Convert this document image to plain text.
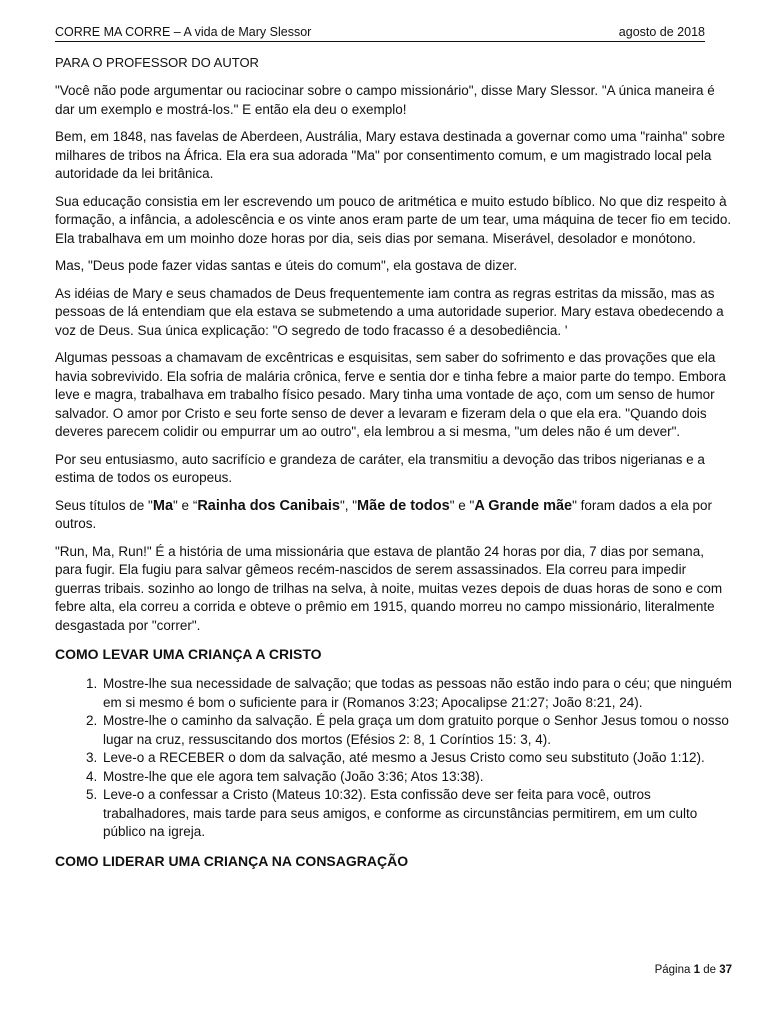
CORRE MA CORRE – A vida de Mary Slessor	agosto de 2018
PARA O PROFESSOR DO AUTOR

"Você não pode argumentar ou raciocinar sobre o campo missionário", disse Mary Slessor. "A única maneira é dar um exemplo e mostrá-los." E então ela deu o exemplo!

Bem, em 1848, nas favelas de Aberdeen, Austrália, Mary estava destinada a governar como uma "rainha" sobre milhares de tribos na África. Ela era sua adorada "Ma" por consentimento comum, e um magistrado local pela autoridade da lei britânica.

Sua educação consistia em ler escrevendo um pouco de aritmética e muito estudo bíblico. No que diz respeito à formação, a infância, a adolescência e os vinte anos eram parte de um tear, uma máquina de tecer fio em tecido. Ela trabalhava em um moinho doze horas por dia, seis dias por semana. Miserável, desolador e monótono.

Mas, "Deus pode fazer vidas santas e úteis do comum", ela gostava de dizer.

As idéias de Mary e seus chamados de Deus frequentemente iam contra as regras estritas da missão, mas as pessoas de lá entendiam que ela estava se submetendo a uma autoridade superior. Mary estava obedecendo a voz de Deus. Sua única explicação: "O segredo de todo fracasso é a desobediência. '

Algumas pessoas a chamavam de excêntricas e esquisitas, sem saber do sofrimento e das provações que ela havia sobrevivido. Ela sofria de malária crônica, ferve e sentia dor e tinha febre a maior parte do tempo. Embora leve e magra, trabalhava em trabalho físico pesado. Mary tinha uma vontade de aço, com um senso de humor salvador. O amor por Cristo e seu forte senso de dever a levaram e fizeram dela o que ela era. "Quando dois deveres parecem colidir ou empurrar um ao outro", ela lembrou a si mesma, "um deles não é um dever".

Por seu entusiasmo, auto sacrifício e grandeza de caráter, ela transmitiu a devoção das tribos nigerianas e a estima de todos os europeus.

Seus títulos de "Ma" e “Rainha dos Canibais", "Mãe de todos" e "A Grande mãe" foram dados a ela por outros.

"Run, Ma, Run!" É a história de uma missionária que estava de plantão 24 horas por dia, 7 dias por semana, para fugir. Ela fugiu para salvar gêmeos recém-nascidos de serem assassinados. Ela correu para impedir guerras tribais. sozinho ao longo de trilhas na selva, à noite, muitas vezes depois de duas horas de sono e com febre alta, ela correu a corrida e obteve o prêmio em 1915, quando morreu no campo missionário, literalmente desgastada por "correr".

COMO LEVAR UMA CRIANÇA A CRISTO
1. Mostre-lhe sua necessidade de salvação; que todas as pessoas não estão indo para o céu; que ninguém em si mesmo é bom o suficiente para ir (Romanos 3:23; Apocalipse 21:27; João 8:21, 24).
2. Mostre-lhe o caminho da salvação. É pela graça um dom gratuito porque o Senhor Jesus tomou o nosso lugar na cruz, ressuscitando dos mortos (Efésios 2: 8, 1 Coríntios 15: 3, 4).
3. Leve-o a RECEBER o dom da salvação, até mesmo a Jesus Cristo como seu substituto (João 1:12).
4. Mostre-lhe que ele agora tem salvação (João 3:36; Atos 13:38).
5. Leve-o a confessar a Cristo (Mateus 10:32). Esta confissão deve ser feita para você, outros trabalhadores, mais tarde para seus amigos, e conforme as circunstâncias permitirem, em um culto público na igreja.
COMO LIDERAR UMA CRIANÇA NA CONSAGRAÇÃO
Página 1 de 37
